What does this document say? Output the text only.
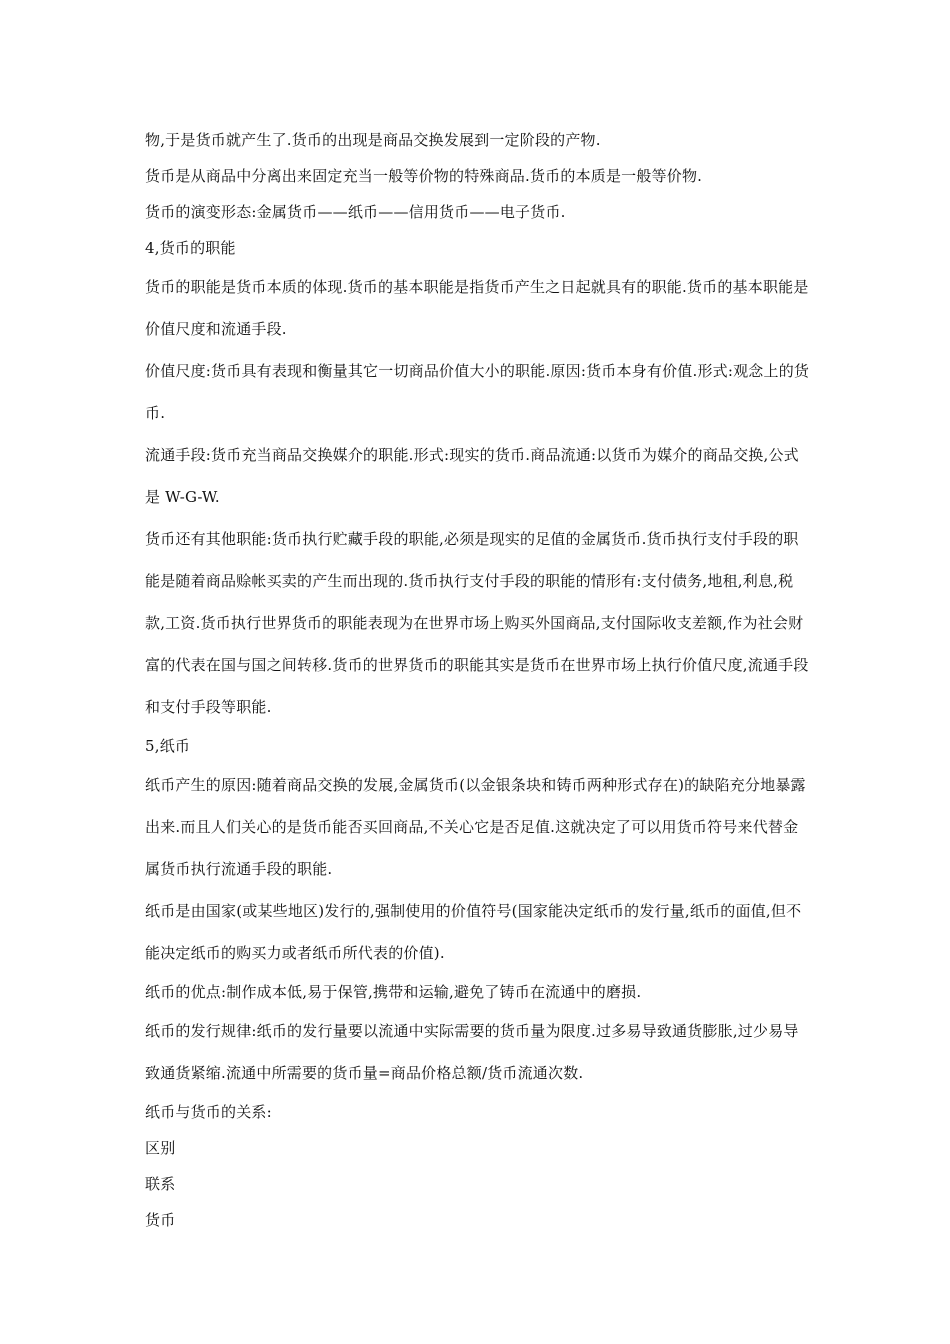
物,于是货币就产生了.货币的出现是商品交换发展到一定阶段的产物.

货币是从商品中分离出来固定充当一般等价物的特殊商品.货币的本质是一般等价物.

货币的演变形态:金属货币——纸币——信用货币——电子货币.

4,货币的职能

货币的职能是货币本质的体现.货币的基本职能是指货币产生之日起就具有的职能.货币的基本职能是价值尺度和流通手段.

价值尺度:货币具有表现和衡量其它一切商品价值大小的职能.原因:货币本身有价值.形式:观念上的货币.

流通手段:货币充当商品交换媒介的职能.形式:现实的货币.商品流通:以货币为媒介的商品交换,公式是 W-G-W.

货币还有其他职能:货币执行贮藏手段的职能,必须是现实的足值的金属货币.货币执行支付手段的职能是随着商品赊帐买卖的产生而出现的.货币执行支付手段的职能的情形有:支付债务,地租,利息,税款,工资.货币执行世界货币的职能表现为在世界市场上购买外国商品,支付国际收支差额,作为社会财富的代表在国与国之间转移.货币的世界货币的职能其实是货币在世界市场上执行价值尺度,流通手段和支付手段等职能.

5,纸币

纸币产生的原因:随着商品交换的发展,金属货币(以金银条块和铸币两种形式存在)的缺陷充分地暴露出来.而且人们关心的是货币能否买回商品,不关心它是否足值.这就决定了可以用货币符号来代替金属货币执行流通手段的职能.

纸币是由国家(或某些地区)发行的,强制使用的价值符号(国家能决定纸币的发行量,纸币的面值,但不能决定纸币的购买力或者纸币所代表的价值).

纸币的优点:制作成本低,易于保管,携带和运输,避免了铸币在流通中的磨损.

纸币的发行规律:纸币的发行量要以流通中实际需要的货币量为限度.过多易导致通货膨胀,过少易导致通货紧缩.流通中所需要的货币量=商品价格总额/货币流通次数.

纸币与货币的关系:

区别

联系

货币
